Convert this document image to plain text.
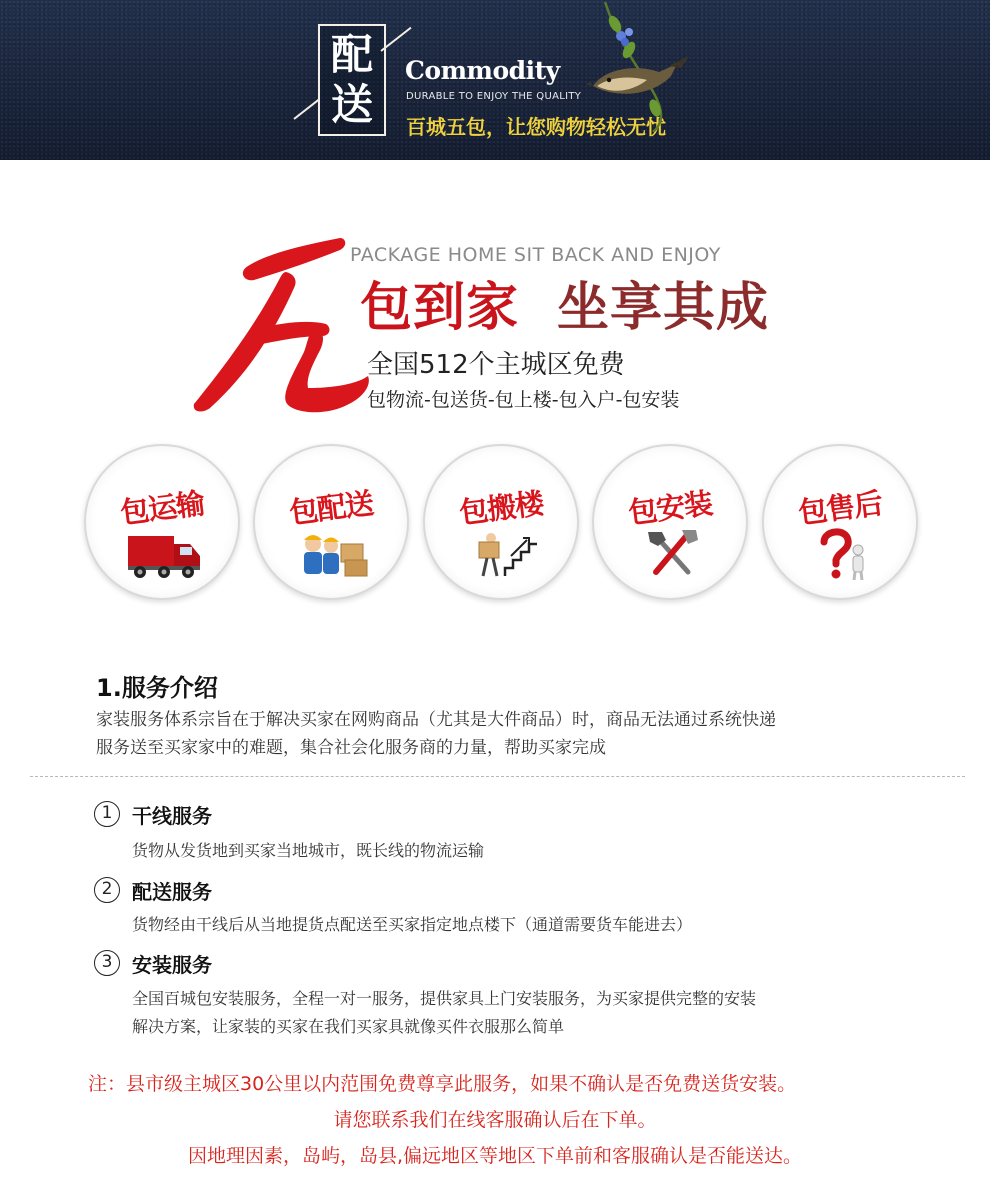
配
送
Commodity
DURABLE TO ENJOY THE QUALITY
百城五包，让您购物轻松无忧
PACKAGE HOME SIT BACK AND ENJOY
包到家 坐享其成
全国512个主城区免费
包物流-包送货-包上楼-包入户-包安装
包运输	包配送	包搬楼	包安装	包售后
1.服务介绍
家装服务体系宗旨在于解决买家在网购商品（尤其是大件商品）时，商品无法通过系统快递
服务送至买家家中的难题，集合社会化服务商的力量，帮助买家完成
1 干线服务
货物从发货地到买家当地城市，既长线的物流运输
2 配送服务
货物经由干线后从当地提货点配送至买家指定地点楼下（通道需要货车能进去）
3 安装服务
全国百城包安装服务，全程一对一服务，提供家具上门安装服务，为买家提供完整的安装
解决方案，让家装的买家在我们买家具就像买件衣服那么简单
注：县市级主城区30公里以内范围免费尊享此服务，如果不确认是否免费送货安装。
请您联系我们在线客服确认后在下单。
因地理因素，岛屿，岛县,偏远地区等地区下单前和客服确认是否能送达。
